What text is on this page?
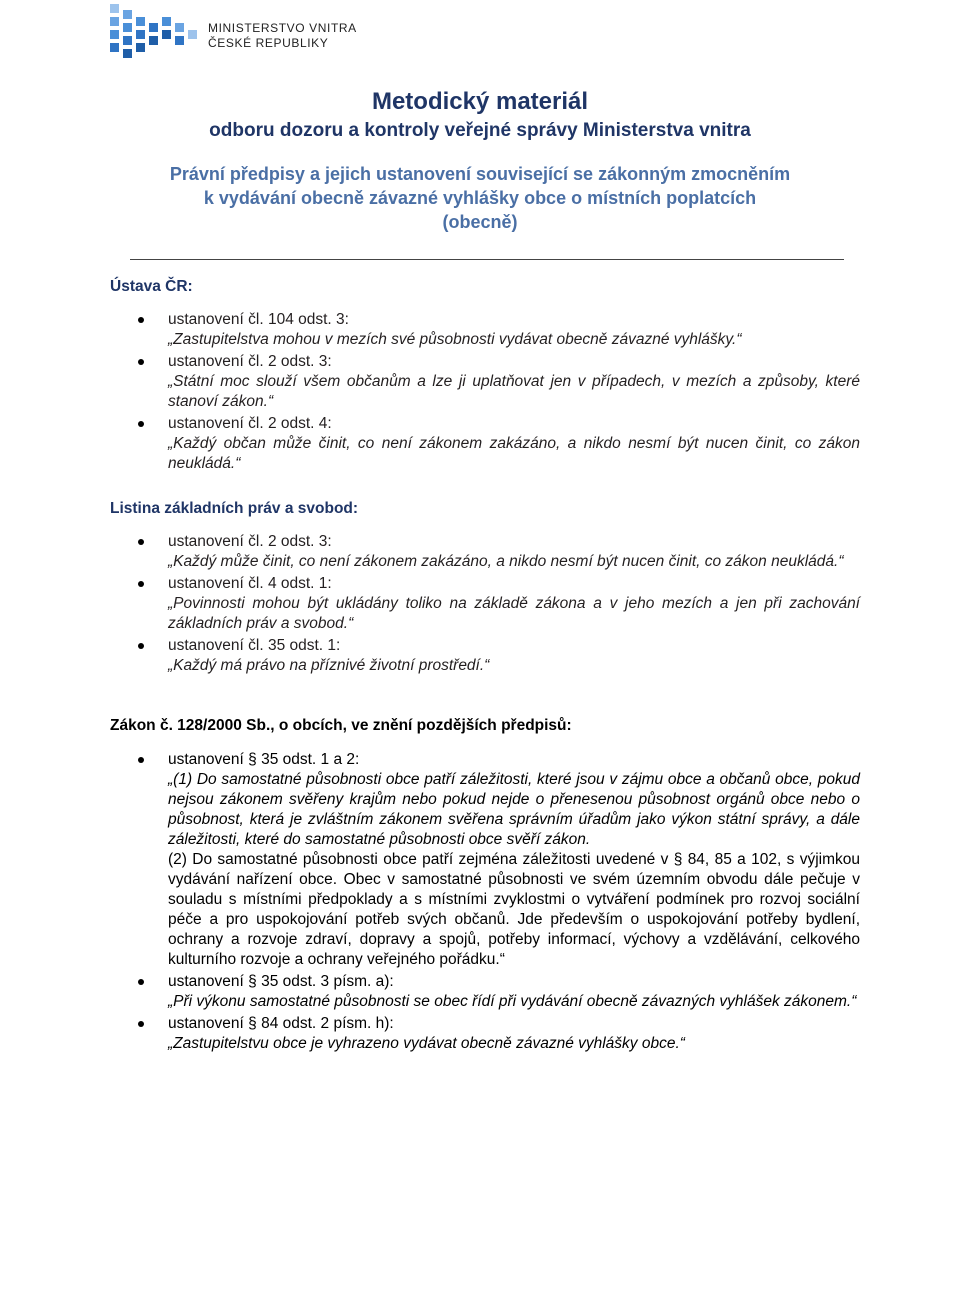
MINISTERSTVO VNITRA
ČESKÉ REPUBLIKY
Metodický materiál
odboru dozoru a kontroly veřejné správy Ministerstva vnitra
Právní předpisy a jejich ustanovení související se zákonným zmocněním
k vydávání obecně závazné vyhlášky obce o místních poplatcích
(obecně)
Ústava ČR:
ustanovení čl. 104 odst. 3:
„Zastupitelstva mohou v mezích své působnosti vydávat obecně závazné vyhlášky.“
ustanovení čl. 2 odst. 3:
„Státní moc slouží všem občanům a lze ji uplatňovat jen v případech, v mezích a způsoby, které stanoví zákon.“
ustanovení čl. 2 odst. 4:
„Každý občan může činit, co není zákonem zakázáno, a nikdo nesmí být nucen činit, co zákon neukládá.“
Listina základních práv a svobod:
ustanovení čl. 2 odst. 3:
„Každý může činit, co není zákonem zakázáno, a nikdo nesmí být nucen činit, co zákon neukládá.“
ustanovení čl. 4 odst. 1:
„Povinnosti mohou být ukládány toliko na základě zákona a v jeho mezích a jen při zachování základních práv a svobod.“
ustanovení čl. 35 odst. 1:
„Každý má právo na příznivé životní prostředí.“
Zákon č. 128/2000 Sb., o obcích, ve znění pozdějších předpisů:
ustanovení § 35 odst. 1 a 2:
„(1) Do samostatné působnosti obce patří záležitosti, které jsou v zájmu obce a občanů obce, pokud nejsou zákonem svěřeny krajům nebo pokud nejde o přenesenou působnost orgánů obce nebo o působnost, která je zvláštním zákonem svěřena správním úřadům jako výkon státní správy, a dále záležitosti, které do samostatné působnosti obce svěří zákon.
(2) Do samostatné působnosti obce patří zejména záležitosti uvedené v § 84, 85 a 102, s výjimkou vydávání nařízení obce. Obec v samostatné působnosti ve svém územním obvodu dále pečuje v souladu s místními předpoklady a s místními zvyklostmi o vytváření podmínek pro rozvoj sociální péče a pro uspokojování potřeb svých občanů. Jde především o uspokojování potřeby bydlení, ochrany a rozvoje zdraví, dopravy a spojů, potřeby informací, výchovy a vzdělávání, celkového kulturního rozvoje a ochrany veřejného pořádku.“
ustanovení § 35 odst. 3 písm. a):
„Při výkonu samostatné působnosti se obec řídí při vydávání obecně závazných vyhlášek zákonem.“
ustanovení § 84 odst. 2 písm. h):
„Zastupitelstvu obce je vyhrazeno vydávat obecně závazné vyhlášky obce.“
